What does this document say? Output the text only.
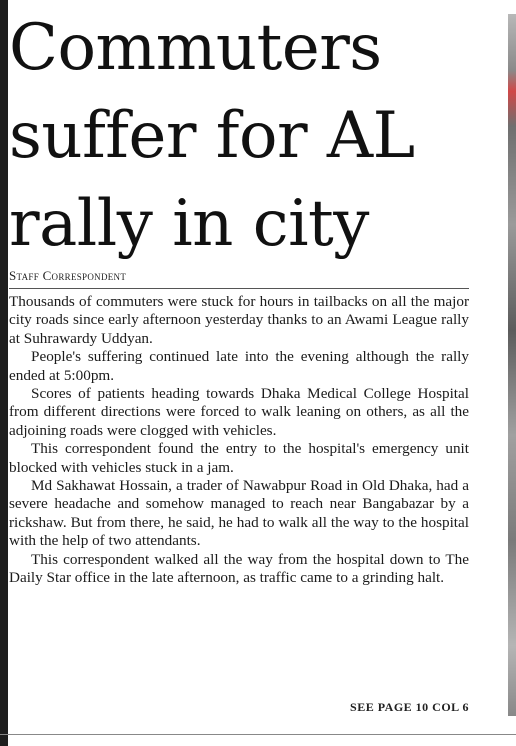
Commuters suffer for AL rally in city
Staff Correspondent

Thousands of commuters were stuck for hours in tailbacks on all the major city roads since early afternoon yesterday thanks to an Awami League rally at Suhrawardy Uddyan.

People's suffering continued late into the evening although the rally ended at 5:00pm.

Scores of patients heading towards Dhaka Medical College Hospital from different directions were forced to walk leaning on others, as all the adjoining roads were clogged with vehicles.

This correspondent found the entry to the hospital's emergency unit blocked with vehicles stuck in a jam.

Md Sakhawat Hossain, a trader of Nawabpur Road in Old Dhaka, had a severe headache and somehow managed to reach near Bangabazar by a rickshaw. But from there, he said, he had to walk all the way to the hospital with the help of two attendants.

This correspondent walked all the way from the hospital down to The Daily Star office in the late afternoon, as traffic came to a grinding halt.

SEE PAGE 10 COL 6
